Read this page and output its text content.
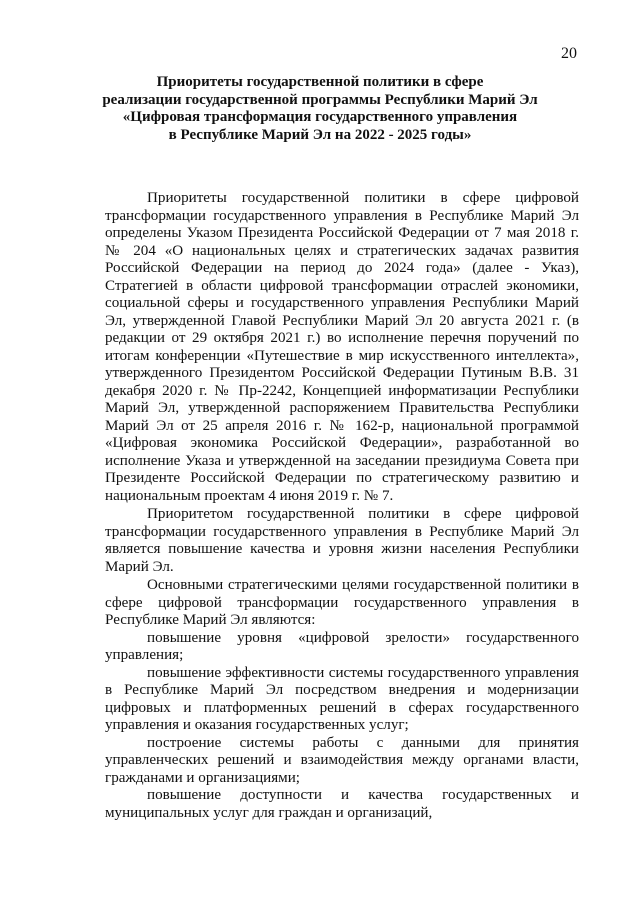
20
Приоритеты государственной политики в сфере
реализации государственной программы Республики Марий Эл
«Цифровая трансформация государственного управления
в Республике Марий Эл на 2022 - 2025 годы»

Приоритеты государственной политики в сфере цифровой трансформации государственного управления в Республике Марий Эл определены Указом Президента Российской Федерации от 7 мая 2018 г. № 204 «О национальных целях и стратегических задачах развития Российской Федерации на период до 2024 года» (далее - Указ), Стратегией в области цифровой трансформации отраслей экономики, социальной сферы и государственного управления Республики Марий Эл, утвержденной Главой Республики Марий Эл 20 августа 2021 г. (в редакции от 29 октября 2021 г.) во исполнение перечня поручений по итогам конференции «Путешествие в мир искусственного интеллекта», утвержденного Президентом Российской Федерации Путиным В.В. 31 декабря 2020 г. № Пр-2242, Концепцией информатизации Республики Марий Эл, утвержденной распоряжением Правительства Республики Марий Эл от 25 апреля 2016 г. № 162-р, национальной программой «Цифровая экономика Российской Федерации», разработанной во исполнение Указа и утвержденной на заседании президиума Совета при Президенте Российской Федерации по стратегическому развитию и национальным проектам 4 июня 2019 г. № 7.

Приоритетом государственной политики в сфере цифровой трансформации государственного управления в Республике Марий Эл является повышение качества и уровня жизни населения Республики Марий Эл.

Основными стратегическими целями государственной политики в сфере цифровой трансформации государственного управления в Республике Марий Эл являются:

повышение уровня «цифровой зрелости» государственного управления;

повышение эффективности системы государственного управления в Республике Марий Эл посредством внедрения и модернизации цифровых и платформенных решений в сферах государственного управления и оказания государственных услуг;

построение системы работы с данными для принятия управленческих решений и взаимодействия между органами власти, гражданами и организациями;

повышение доступности и качества государственных и муниципальных услуг для граждан и организаций,
